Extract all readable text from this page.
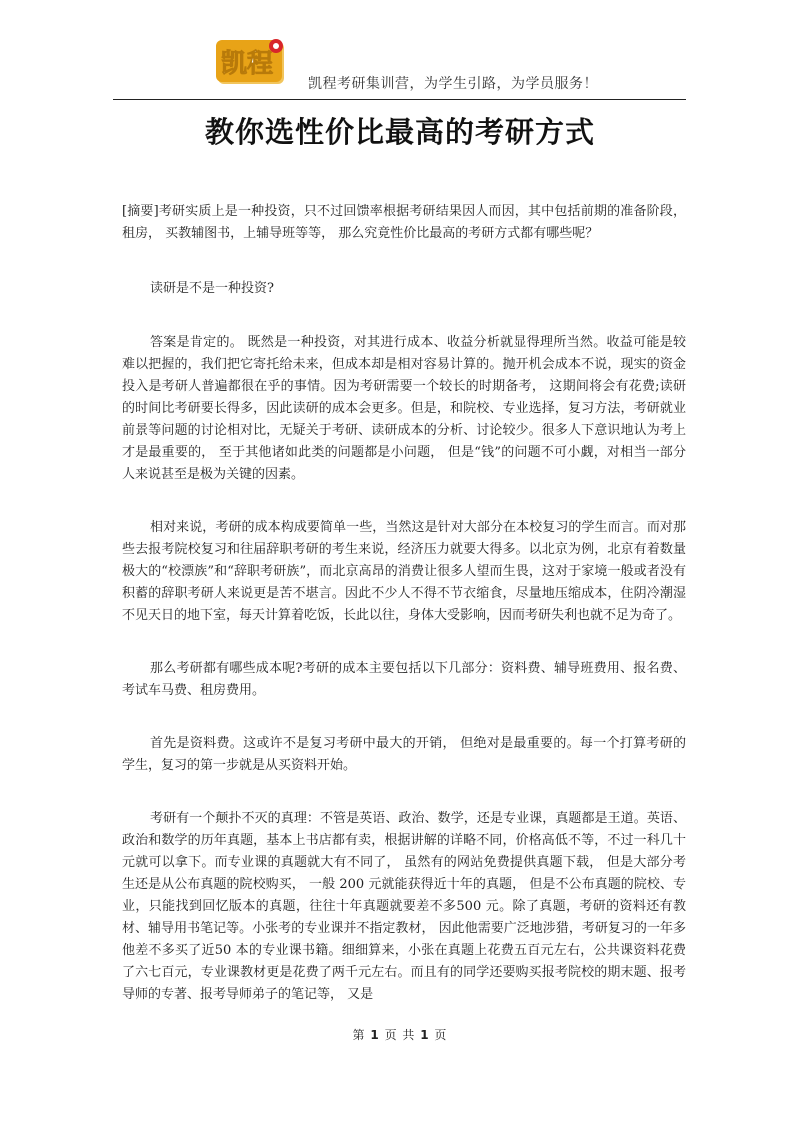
凯程
凯程考研集训营，为学生引路，为学员服务！
教你选性价比最高的考研方式

[摘要]考研实质上是一种投资，只不过回馈率根据考研结果因人而因，其中包括前期的准备阶段，租房， 买教辅图书，上辅导班等等， 那么究竟性价比最高的考研方式都有哪些呢？

读研是不是一种投资?

答案是肯定的。 既然是一种投资，对其进行成本、收益分析就显得理所当然。收益可能是较难以把握的，我们把它寄托给未来，但成本却是相对容易计算的。抛开机会成本不说，现实的资金投入是考研人普遍都很在乎的事情。因为考研需要一个较长的时期备考， 这期间将会有花费;读研的时间比考研要长得多，因此读研的成本会更多。但是，和院校、专业选择，复习方法，考研就业前景等问题的讨论相对比，无疑关于考研、读研成本的分析、讨论较少。很多人下意识地认为考上才是最重要的， 至于其他诸如此类的问题都是小问题， 但是“钱”的问题不可小觑，对相当一部分人来说甚至是极为关键的因素。

相对来说，考研的成本构成要简单一些，当然这是针对大部分在本校复习的学生而言。而对那些去报考院校复习和往届辞职考研的考生来说，经济压力就要大得多。以北京为例，北京有着数量极大的“校漂族”和“辞职考研族”，而北京高昂的消费让很多人望而生畏，这对于家境一般或者没有积蓄的辞职考研人来说更是苦不堪言。因此不少人不得不节衣缩食，尽量地压缩成本，住阴冷潮湿不见天日的地下室，每天计算着吃饭，长此以往，身体大受影响，因而考研失利也就不足为奇了。

那么考研都有哪些成本呢?考研的成本主要包括以下几部分：资料费、辅导班费用、报名费、考试车马费、租房费用。

首先是资料费。这或许不是复习考研中最大的开销， 但绝对是最重要的。每一个打算考研的学生，复习的第一步就是从买资料开始。

考研有一个颠扑不灭的真理：不管是英语、政治、数学，还是专业课，真题都是王道。英语、政治和数学的历年真题，基本上书店都有卖，根据讲解的详略不同，价格高低不等，不过一科几十元就可以拿下。而专业课的真题就大有不同了， 虽然有的网站免费提供真题下载， 但是大部分考生还是从公布真题的院校购买， 一般 200 元就能获得近十年的真题， 但是不公布真题的院校、专业，只能找到回忆版本的真题，往往十年真题就要差不多500 元。除了真题，考研的资料还有教材、辅导用书笔记等。小张考的专业课并不指定教材， 因此他需要广泛地涉猎，考研复习的一年多他差不多买了近50 本的专业课书籍。细细算来，小张在真题上花费五百元左右，公共课资料花费了六七百元，专业课教材更是花费了两千元左右。而且有的同学还要购买报考院校的期末题、报考导师的专著、报考导师弟子的笔记等， 又是

第 1 页 共 1 页
